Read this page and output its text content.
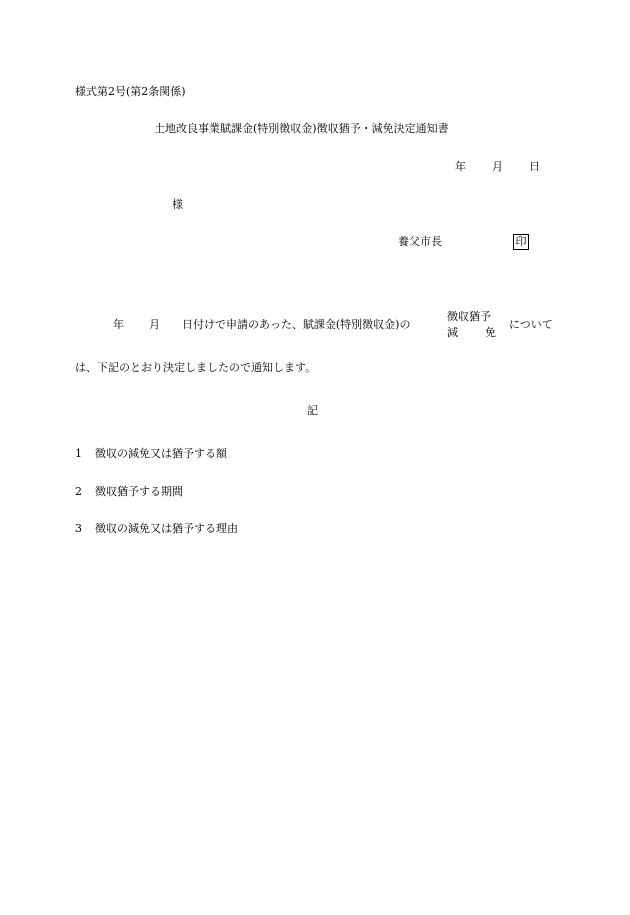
様式第2号(第2条関係)
土地改良事業賦課金(特別徴収金)徴収猶予・減免決定通知書
年 月 日
様
養父市長	印
年 月 日付けで申請のあった、賦課金(特別徴収金)の
徴収猶予
減 免
について
は、下記のとおり決定しましたので通知します。
記
1 徴収の減免又は猶予する額
2 徴収猶予する期間
3 徴収の減免又は猶予する理由
